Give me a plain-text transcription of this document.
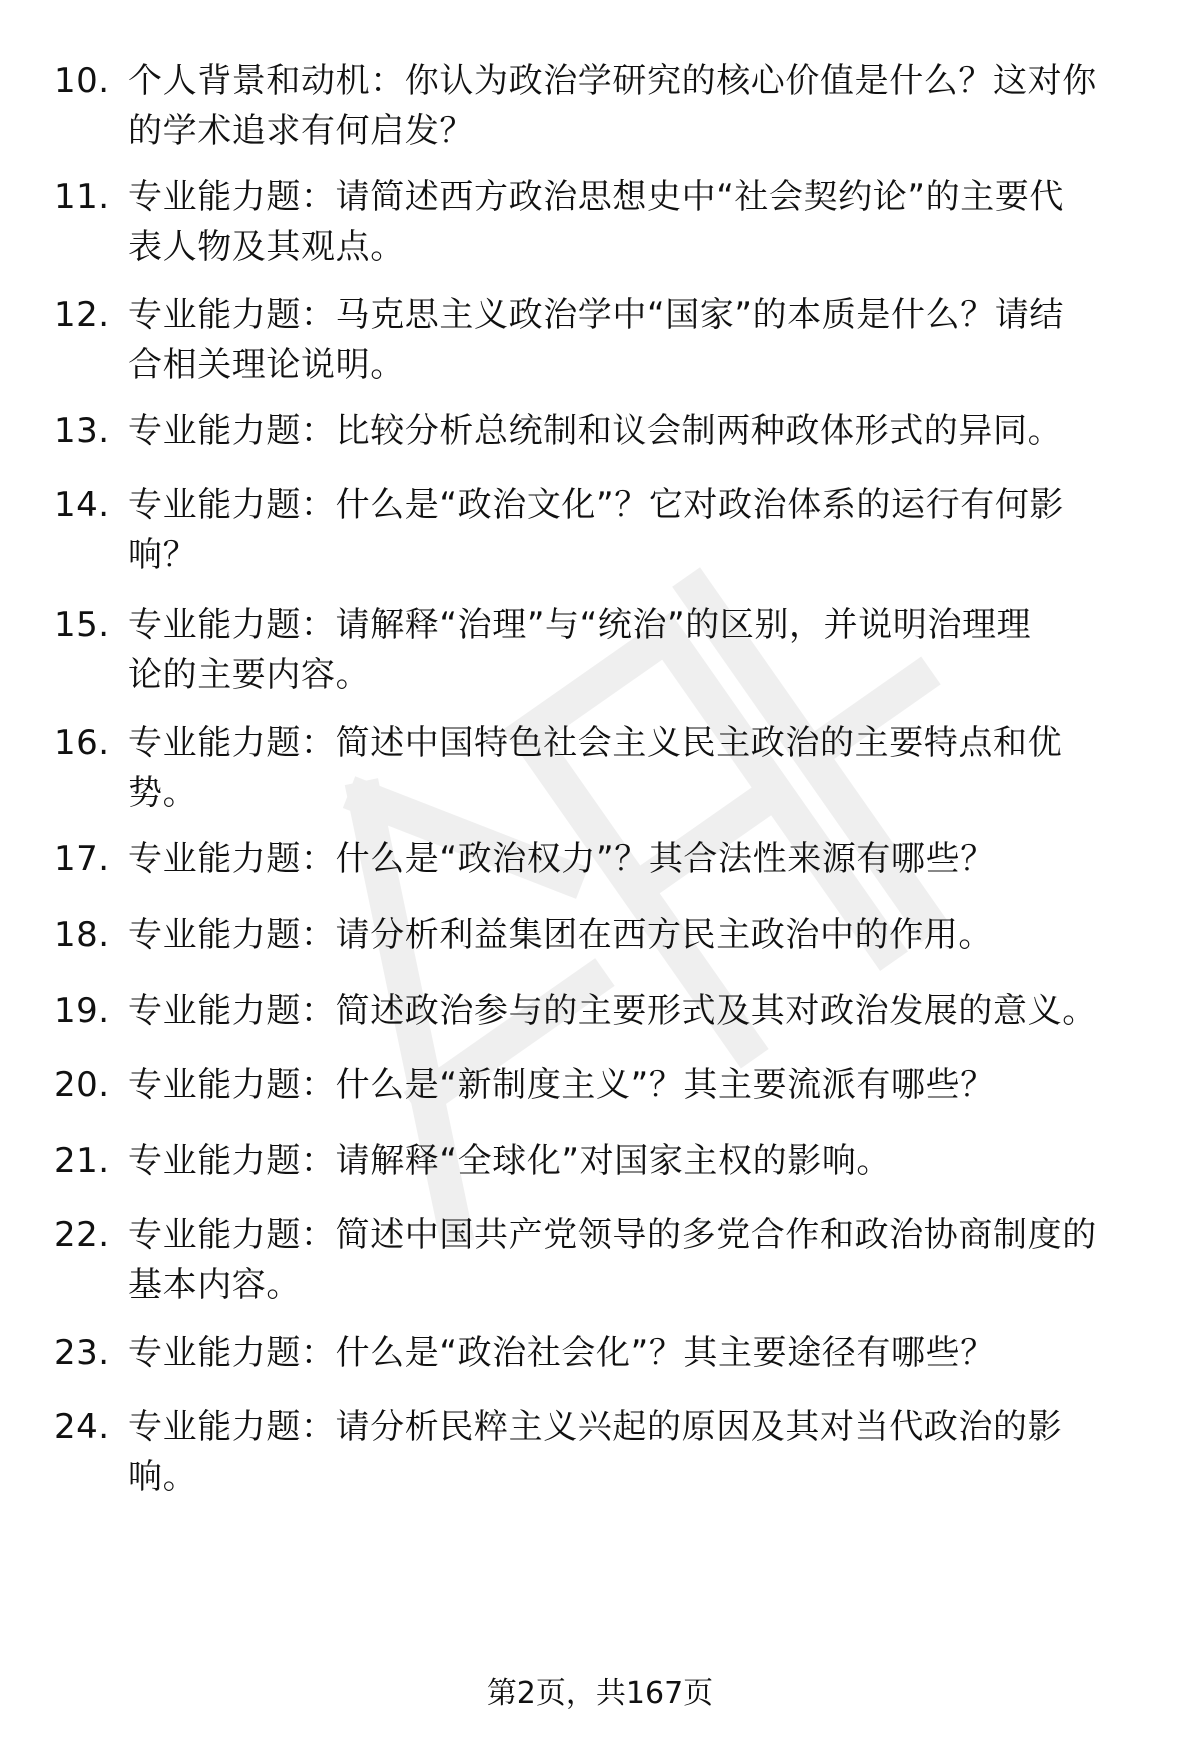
10. 个人背景和动机：你认为政治学研究的核心价值是什么？这对你
的学术追求有何启发？
11. 专业能力题：请简述西方政治思想史中“社会契约论”的主要代
表人物及其观点。
12. 专业能力题：马克思主义政治学中“国家”的本质是什么？请结
合相关理论说明。
13. 专业能力题：比较分析总统制和议会制两种政体形式的异同。
14. 专业能力题：什么是“政治文化”？它对政治体系的运行有何影
响？
15. 专业能力题：请解释“治理”与“统治”的区别，并说明治理理
论的主要内容。
16. 专业能力题：简述中国特色社会主义民主政治的主要特点和优
势。
17. 专业能力题：什么是“政治权力”？其合法性来源有哪些？
18. 专业能力题：请分析利益集团在西方民主政治中的作用。
19. 专业能力题：简述政治参与的主要形式及其对政治发展的意义。
20. 专业能力题：什么是“新制度主义”？其主要流派有哪些？
21. 专业能力题：请解释“全球化”对国家主权的影响。
22. 专业能力题：简述中国共产党领导的多党合作和政治协商制度的
基本内容。
23. 专业能力题：什么是“政治社会化”？其主要途径有哪些？
24. 专业能力题：请分析民粹主义兴起的原因及其对当代政治的影
响。
第2页，共167页
